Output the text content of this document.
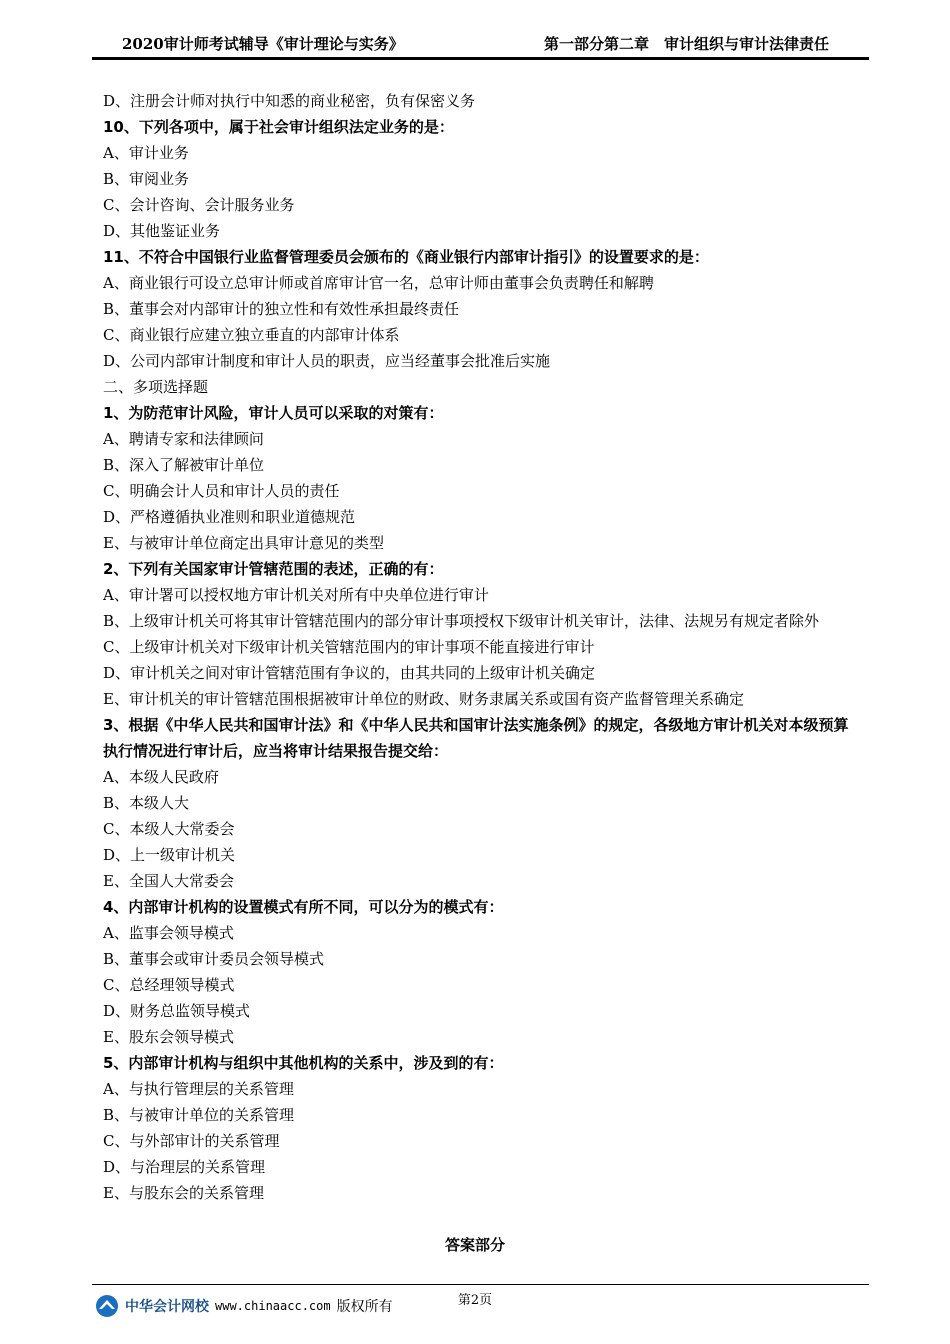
2020审计师考试辅导《审计理论与实务》	第一部分第二章　审计组织与审计法律责任

D、注册会计师对执行中知悉的商业秘密，负有保密义务

10、下列各项中，属于社会审计组织法定业务的是：

A、审计业务

B、审阅业务

C、会计咨询、会计服务业务

D、其他鉴证业务

11、不符合中国银行业监督管理委员会颁布的《商业银行内部审计指引》的设置要求的是：

A、商业银行可设立总审计师或首席审计官一名，总审计师由董事会负责聘任和解聘

B、董事会对内部审计的独立性和有效性承担最终责任

C、商业银行应建立独立垂直的内部审计体系

D、公司内部审计制度和审计人员的职责，应当经董事会批准后实施

二、多项选择题

1、为防范审计风险，审计人员可以采取的对策有：

A、聘请专家和法律顾问

B、深入了解被审计单位

C、明确会计人员和审计人员的责任

D、严格遵循执业准则和职业道德规范

E、与被审计单位商定出具审计意见的类型

2、下列有关国家审计管辖范围的表述，正确的有：

A、审计署可以授权地方审计机关对所有中央单位进行审计

B、上级审计机关可将其审计管辖范围内的部分审计事项授权下级审计机关审计，法律、法规另有规定者除外

C、上级审计机关对下级审计机关管辖范围内的审计事项不能直接进行审计

D、审计机关之间对审计管辖范围有争议的，由其共同的上级审计机关确定

E、审计机关的审计管辖范围根据被审计单位的财政、财务隶属关系或国有资产监督管理关系确定

3、根据《中华人民共和国审计法》和《中华人民共和国审计法实施条例》的规定，各级地方审计机关对本级预算执行情况进行审计后，应当将审计结果报告提交给：

A、本级人民政府

B、本级人大

C、本级人大常委会

D、上一级审计机关

E、全国人大常委会

4、内部审计机构的设置模式有所不同，可以分为的模式有：

A、监事会领导模式

B、董事会或审计委员会领导模式

C、总经理领导模式

D、财务总监领导模式

E、股东会领导模式

5、内部审计机构与组织中其他机构的关系中，涉及到的有：

A、与执行管理层的关系管理

B、与被审计单位的关系管理

C、与外部审计的关系管理

D、与治理层的关系管理

E、与股东会的关系管理

答案部分
第2页
中华会计网校 www.chinaacc.com 版权所有
